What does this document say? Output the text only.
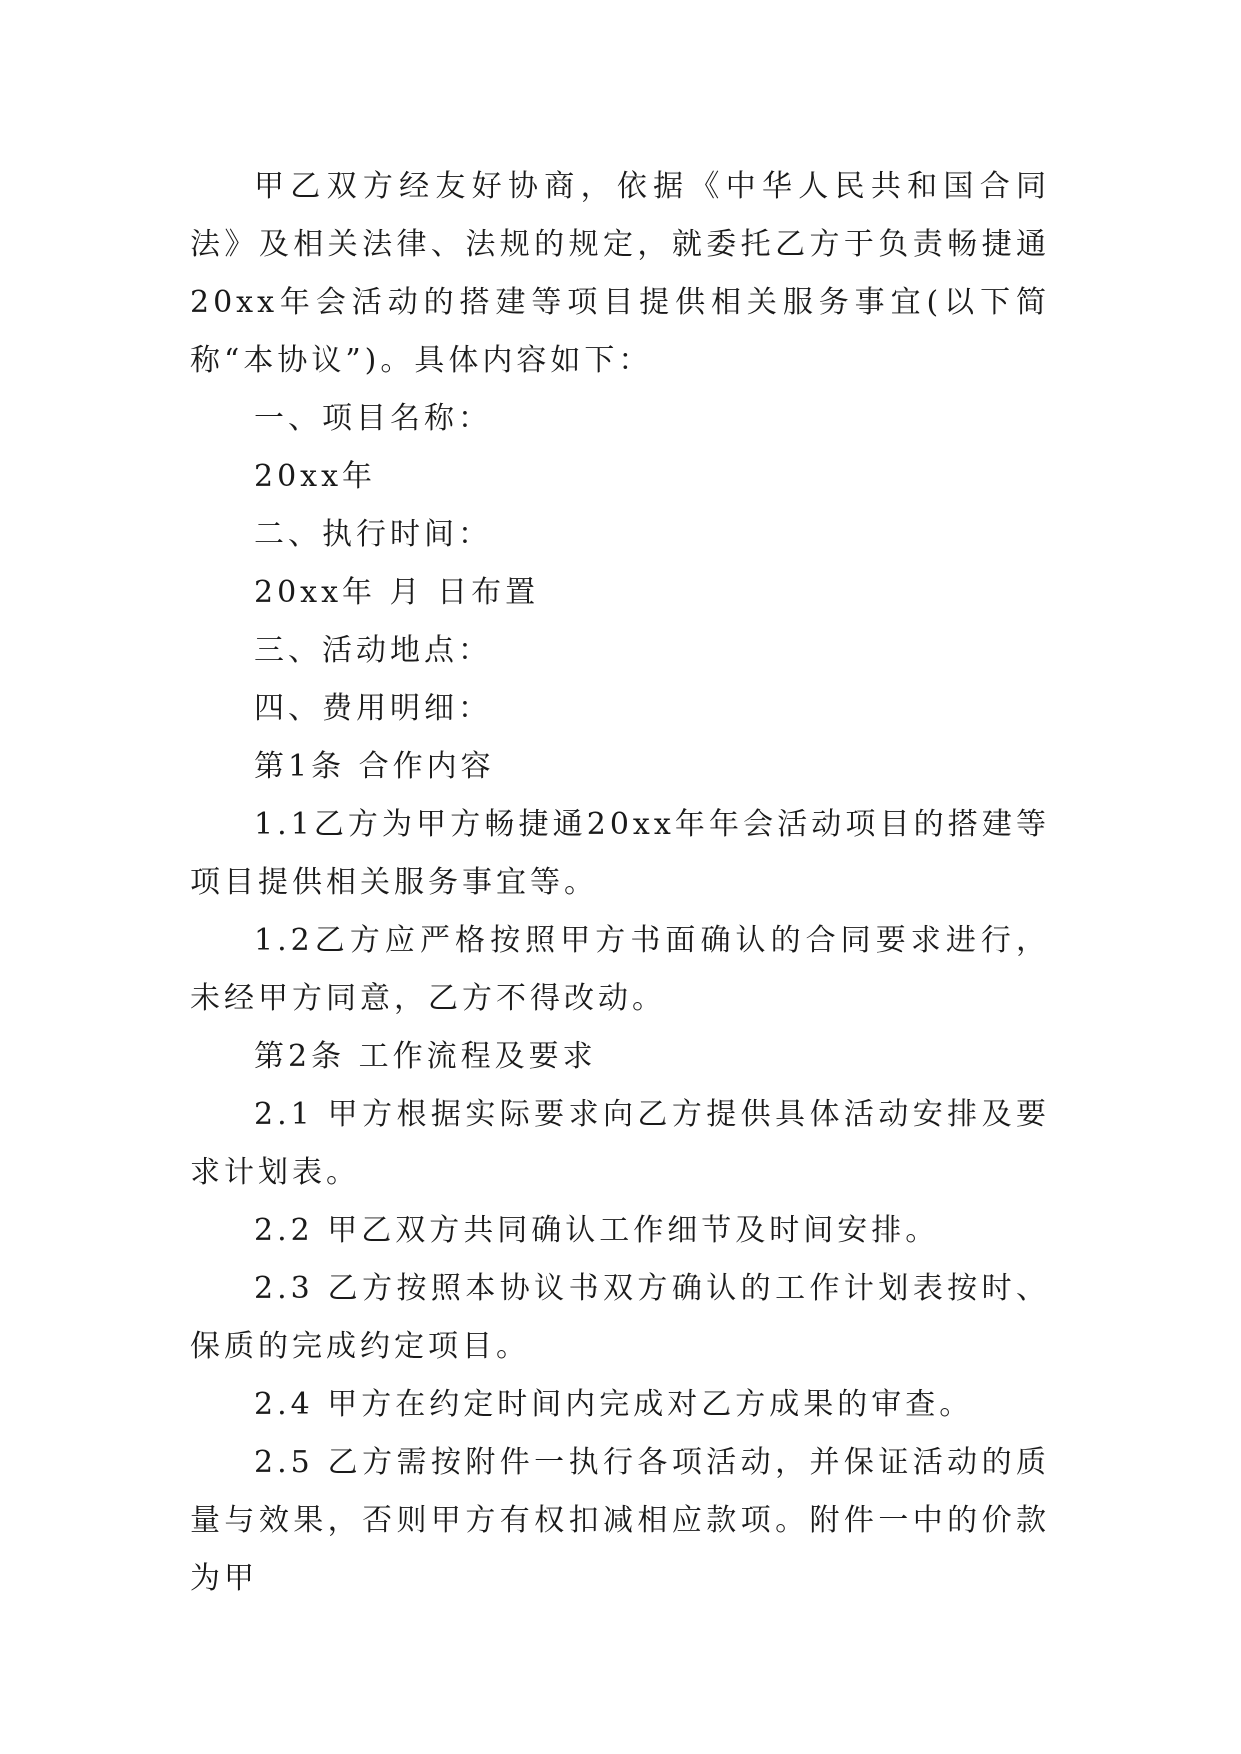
甲乙双方经友好协商，依据《中华人民共和国合同法》及相关法律、法规的规定，就委托乙方于负责畅捷通20xx年会活动的搭建等项目提供相关服务事宜(以下简称“本协议”)。具体内容如下：

一、项目名称：

20xx年

二、执行时间：

20xx年 月 日布置

三、活动地点：

四、费用明细：

第1条 合作内容

1.1乙方为甲方畅捷通20xx年年会活动项目的搭建等项目提供相关服务事宜等。

1.2乙方应严格按照甲方书面确认的合同要求进行，未经甲方同意，乙方不得改动。

第2条 工作流程及要求

2.1 甲方根据实际要求向乙方提供具体活动安排及要求计划表。

2.2 甲乙双方共同确认工作细节及时间安排。

2.3 乙方按照本协议书双方确认的工作计划表按时、保质的完成约定项目。

2.4 甲方在约定时间内完成对乙方成果的审查。

2.5 乙方需按附件一执行各项活动，并保证活动的质量与效果，否则甲方有权扣减相应款项。附件一中的价款为甲
